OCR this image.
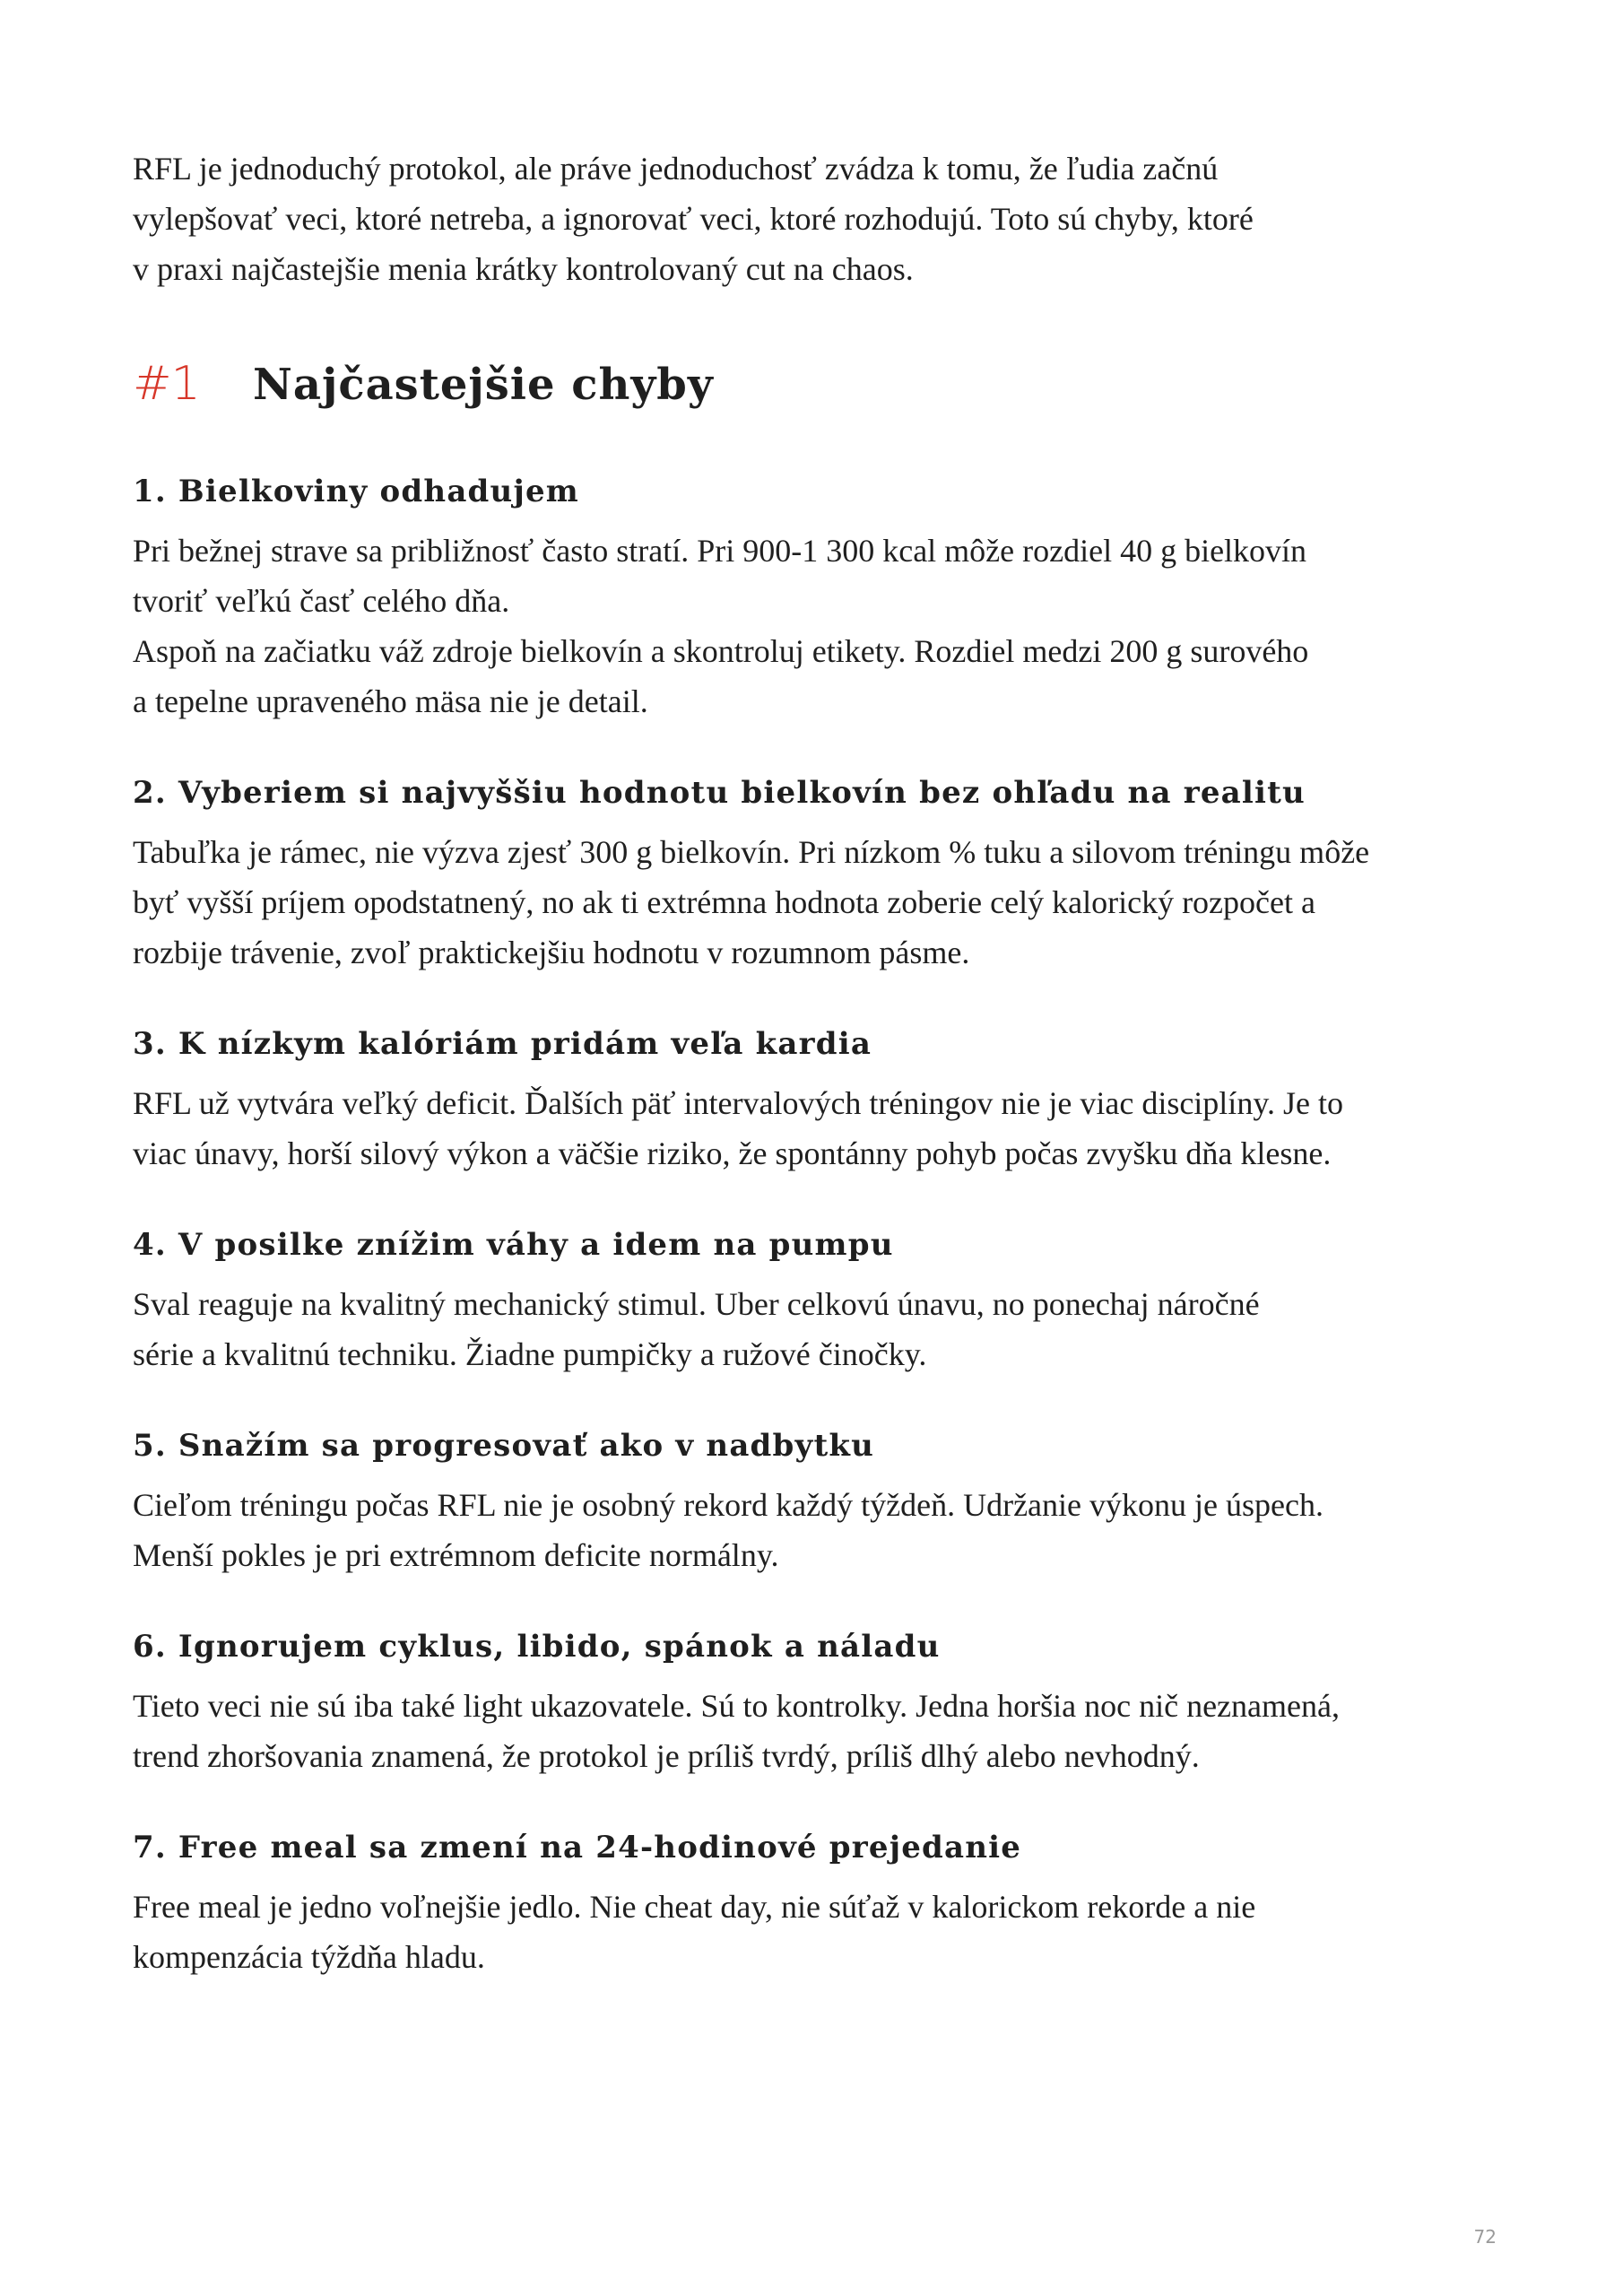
RFL je jednoduchý protokol, ale práve jednoduchosť zvádza k tomu, že ľudia začnú
vylepšovať veci, ktoré netreba, a ignorovať veci, ktoré rozhodujú. Toto sú chyby, ktoré
v praxi najčastejšie menia krátky kontrolovaný cut na chaos.

#1	Najčastejšie chyby
1. Bielkoviny odhadujem

Pri bežnej strave sa približnosť často stratí. Pri 900-1 300 kcal môže rozdiel 40 g bielkovín
tvoriť veľkú časť celého dňa.
Aspoň na začiatku váž zdroje bielkovín a skontroluj etikety. Rozdiel medzi 200 g surového
a tepelne upraveného mäsa nie je detail.

2. Vyberiem si najvyššiu hodnotu bielkovín bez ohľadu na realitu

Tabuľka je rámec, nie výzva zjesť 300 g bielkovín. Pri nízkom % tuku a silovom tréningu môže
byť vyšší príjem opodstatnený, no ak ti extrémna hodnota zoberie celý kalorický rozpočet a
rozbije trávenie, zvoľ praktickejšiu hodnotu v rozumnom pásme.

3. K nízkym kalóriám pridám veľa kardia

RFL už vytvára veľký deficit. Ďalších päť intervalových tréningov nie je viac disciplíny. Je to
viac únavy, horší silový výkon a väčšie riziko, že spontánny pohyb počas zvyšku dňa klesne.

4. V posilke znížim váhy a idem na pumpu

Sval reaguje na kvalitný mechanický stimul. Uber celkovú únavu, no ponechaj náročné
série a kvalitnú techniku. Žiadne pumpičky a ružové činočky.

5. Snažím sa progresovať ako v nadbytku

Cieľom tréningu počas RFL nie je osobný rekord každý týždeň. Udržanie výkonu je úspech.
Menší pokles je pri extrémnom deficite normálny.

6. Ignorujem cyklus, libido, spánok a náladu

Tieto veci nie sú iba také light ukazovatele. Sú to kontrolky. Jedna horšia noc nič neznamená,
trend zhoršovania znamená, že protokol je príliš tvrdý, príliš dlhý alebo nevhodný.

7. Free meal sa zmení na 24-hodinové prejedanie

Free meal je jedno voľnejšie jedlo. Nie cheat day, nie súťaž v kalorickom rekorde a nie
kompenzácia týždňa hladu.

72
